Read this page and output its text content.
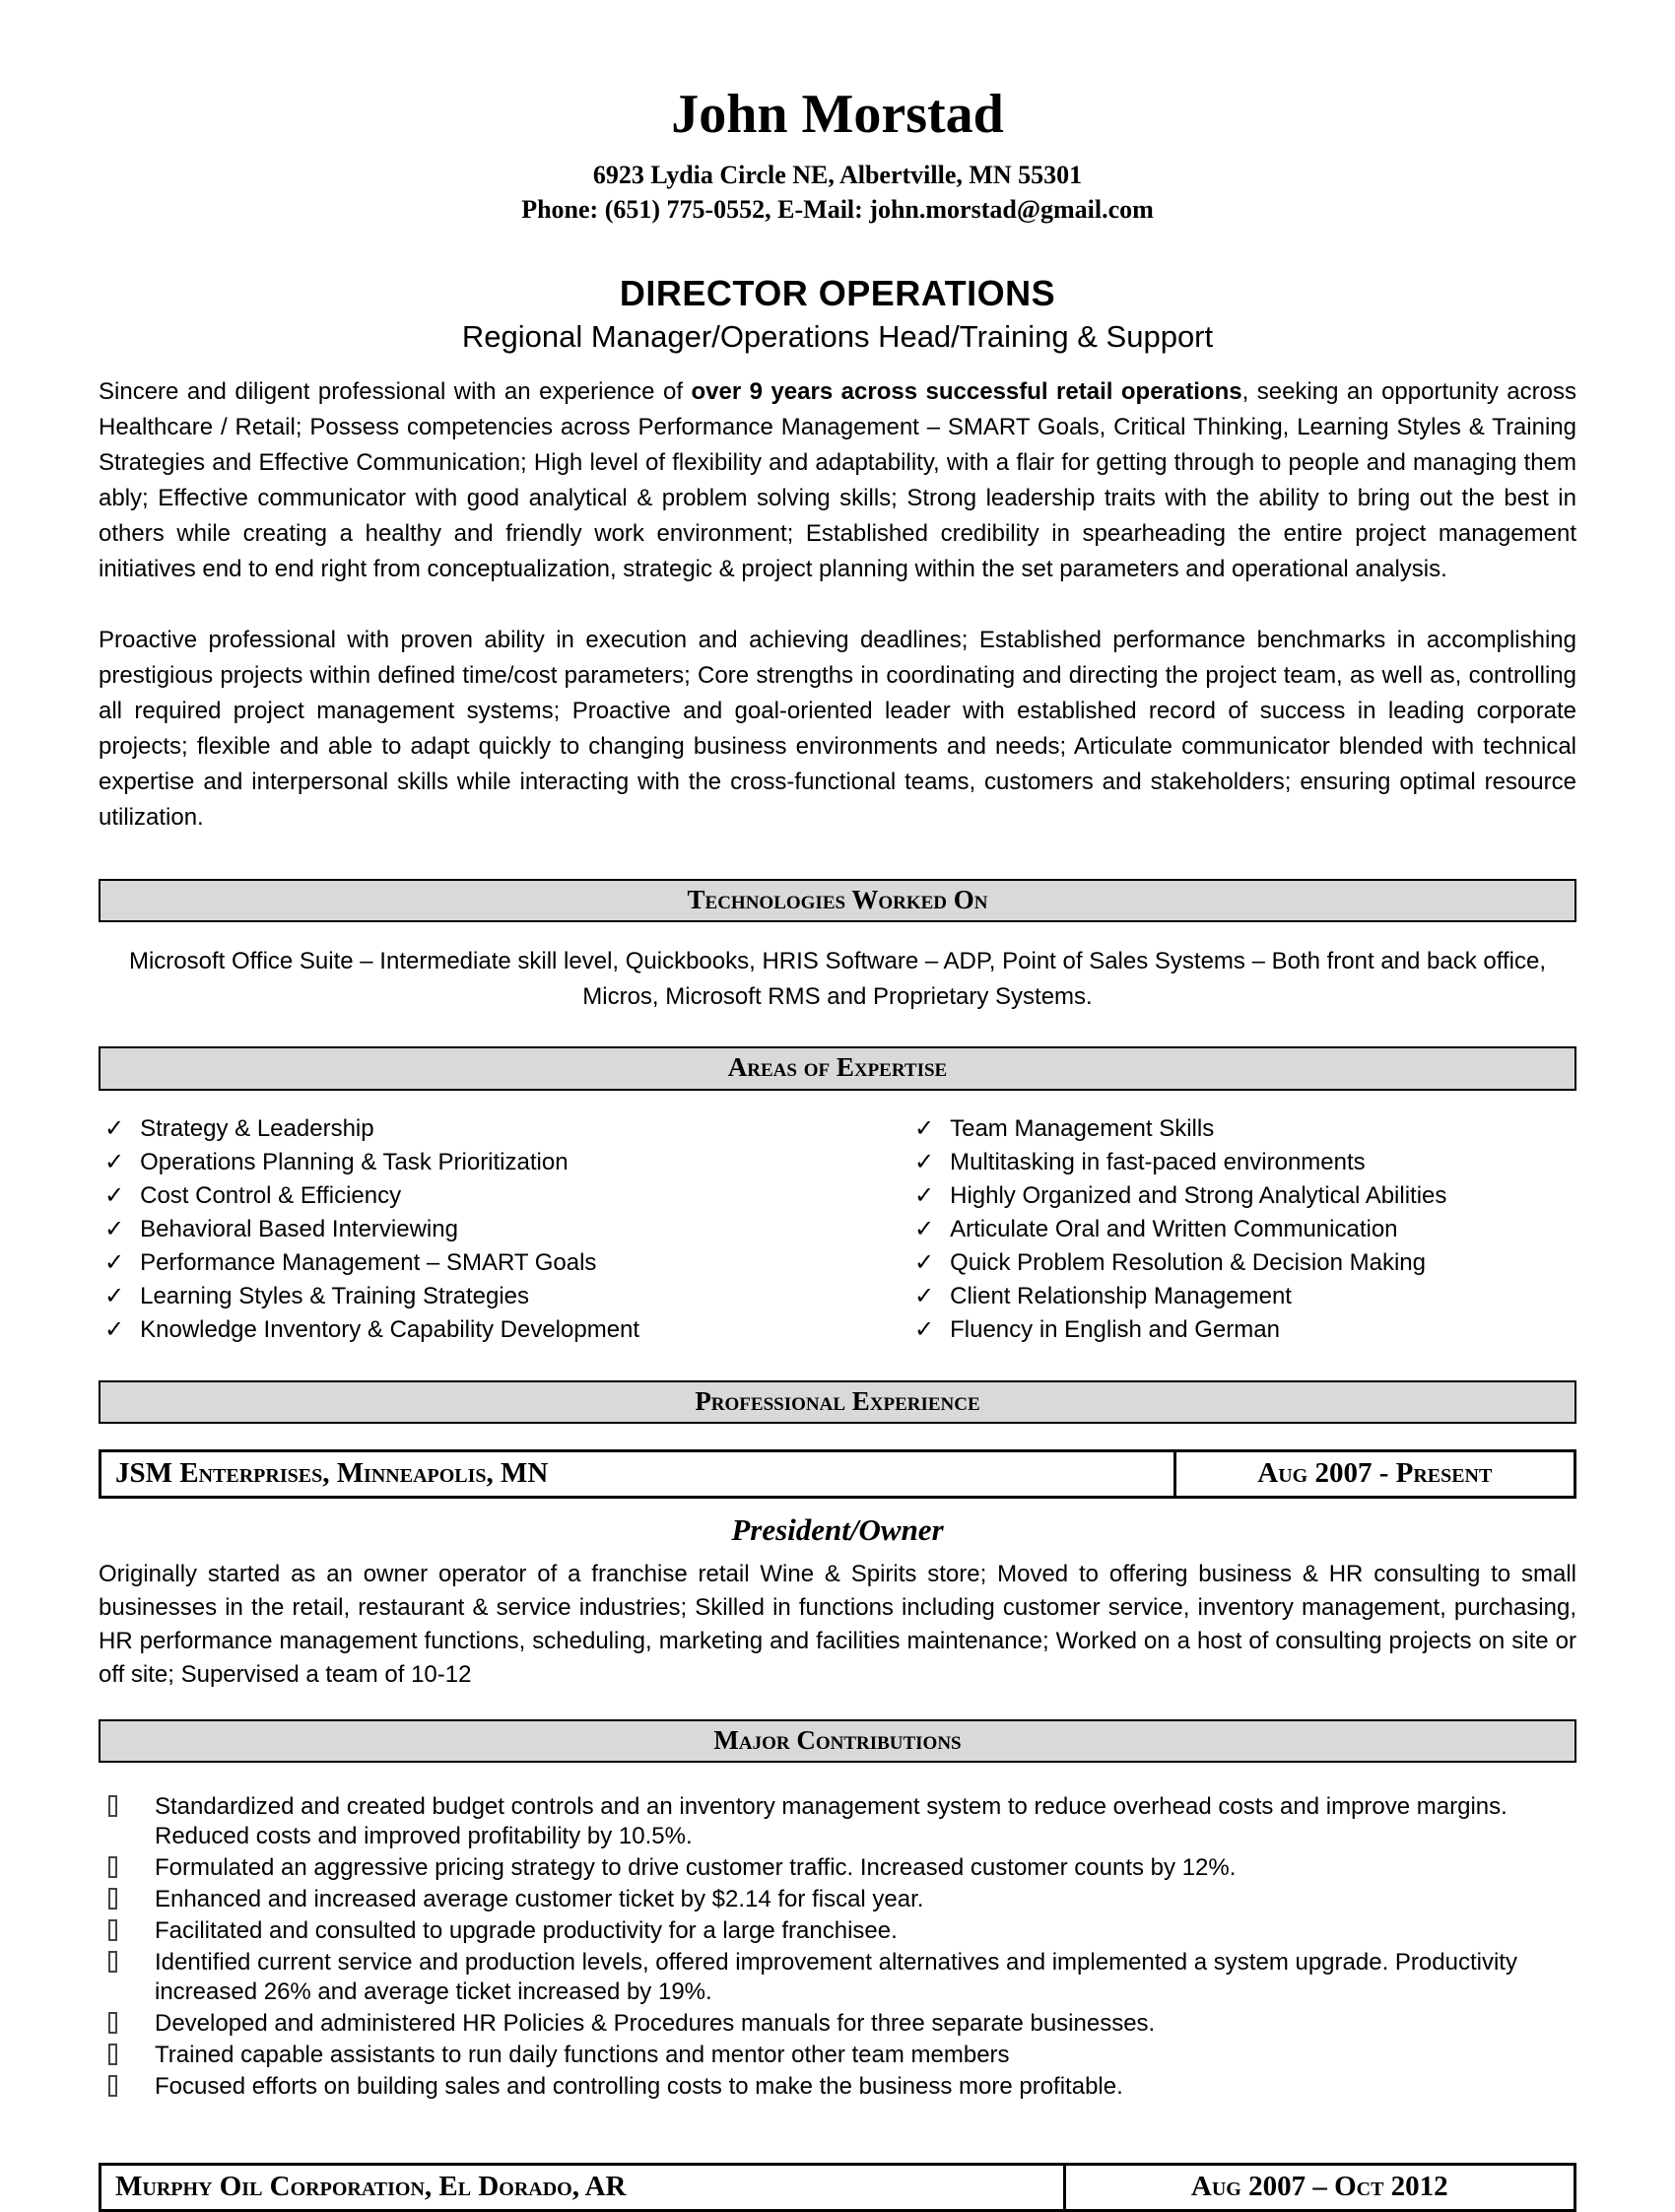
John Morstad
6923 Lydia Circle NE, Albertville, MN 55301
Phone: (651) 775-0552, E-Mail: john.morstad@gmail.com
DIRECTOR OPERATIONS
Regional Manager/Operations Head/Training & Support

Sincere and diligent professional with an experience of over 9 years across successful retail operations, seeking an opportunity across Healthcare / Retail; Possess competencies across Performance Management – SMART Goals, Critical Thinking, Learning Styles & Training Strategies and Effective Communication; High level of flexibility and adaptability, with a flair for getting through to people and managing them ably; Effective communicator with good analytical & problem solving skills; Strong leadership traits with the ability to bring out the best in others while creating a healthy and friendly work environment; Established credibility in spearheading the entire project management initiatives end to end right from conceptualization, strategic & project planning within the set parameters and operational analysis.

Proactive professional with proven ability in execution and achieving deadlines; Established performance benchmarks in accomplishing prestigious projects within defined time/cost parameters; Core strengths in coordinating and directing the project team, as well as, controlling all required project management systems; Proactive and goal-oriented leader with established record of success in leading corporate projects; flexible and able to adapt quickly to changing business environments and needs; Articulate communicator blended with technical expertise and interpersonal skills while interacting with the cross-functional teams, customers and stakeholders; ensuring optimal resource utilization.

Technologies Worked On

Microsoft Office Suite – Intermediate skill level, Quickbooks, HRIS Software – ADP, Point of Sales Systems – Both front and back office, Micros, Microsoft RMS and Proprietary Systems.

Areas of Expertise
✓ Strategy & Leadership
✓ Operations Planning & Task Prioritization
✓ Cost Control & Efficiency
✓ Behavioral Based Interviewing
✓ Performance Management – SMART Goals
✓ Learning Styles & Training Strategies
✓ Knowledge Inventory & Capability Development
✓ Team Management Skills
✓ Multitasking in fast-paced environments
✓ Highly Organized and Strong Analytical Abilities
✓ Articulate Oral and Written Communication
✓ Quick Problem Resolution & Decision Making
✓ Client Relationship Management
✓ Fluency in English and German
Professional Experience
JSM Enterprises, Minneapolis, MN	Aug 2007 - Present
President/Owner

Originally started as an owner operator of a franchise retail Wine & Spirits store; Moved to offering business & HR consulting to small businesses in the retail, restaurant & service industries; Skilled in functions including customer service, inventory management, purchasing, HR performance management functions, scheduling, marketing and facilities maintenance; Worked on a host of consulting projects on site or off site; Supervised a team of 10-12

Major Contributions
Standardized and created budget controls and an inventory management system to reduce overhead costs and improve margins. Reduced costs and improved profitability by 10.5%.
Formulated an aggressive pricing strategy to drive customer traffic. Increased customer counts by 12%.
Enhanced and increased average customer ticket by $2.14 for fiscal year.
Facilitated and consulted to upgrade productivity for a large franchisee.
Identified current service and production levels, offered improvement alternatives and implemented a system upgrade. Productivity increased 26% and average ticket increased by 19%.
Developed and administered HR Policies & Procedures manuals for three separate businesses.
Trained capable assistants to run daily functions and mentor other team members
Focused efforts on building sales and controlling costs to make the business more profitable.
Murphy Oil Corporation, El Dorado, AR	Aug 2007 – Oct 2012
